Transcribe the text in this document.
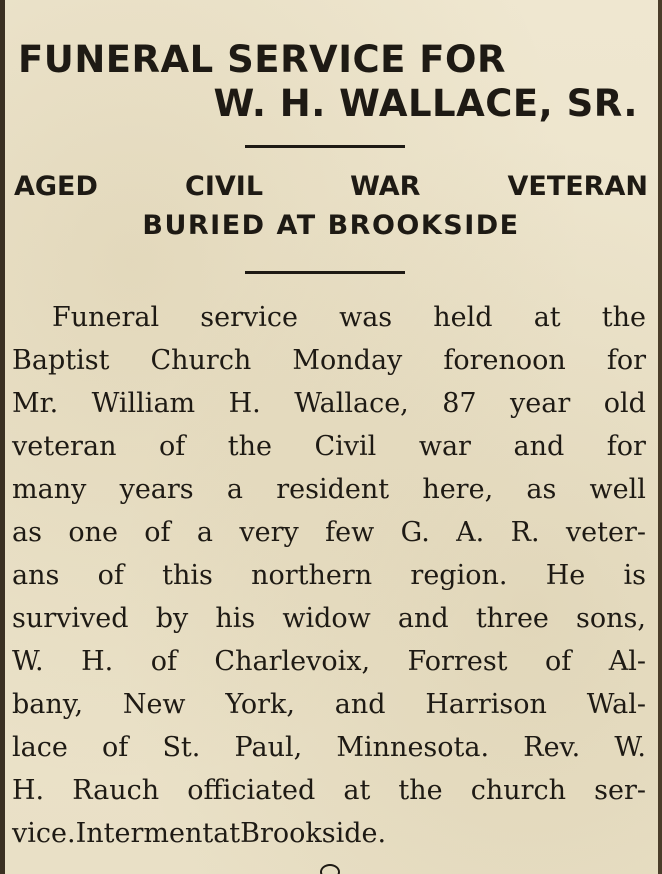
FUNERAL SERVICE FOR
W. H. WALLACE, SR.
AGED	CIVIL	WAR	VETERAN
BURIED AT BROOKSIDE
Funeral service was held at the
Baptist Church Monday forenoon for
Mr. William H. Wallace, 87 year old
veteran of the Civil war and for
many years a resident here, as well
as one of a very few G. A. R. veter-
ans of this northern region. He is
survived by his widow and three sons,
W. H. of Charlevoix, Forrest of Al-
bany, New York, and Harrison Wal-
lace of St. Paul, Minnesota. Rev. W.
H. Rauch officiated at the church ser-
vice. Interment at Brookside.
